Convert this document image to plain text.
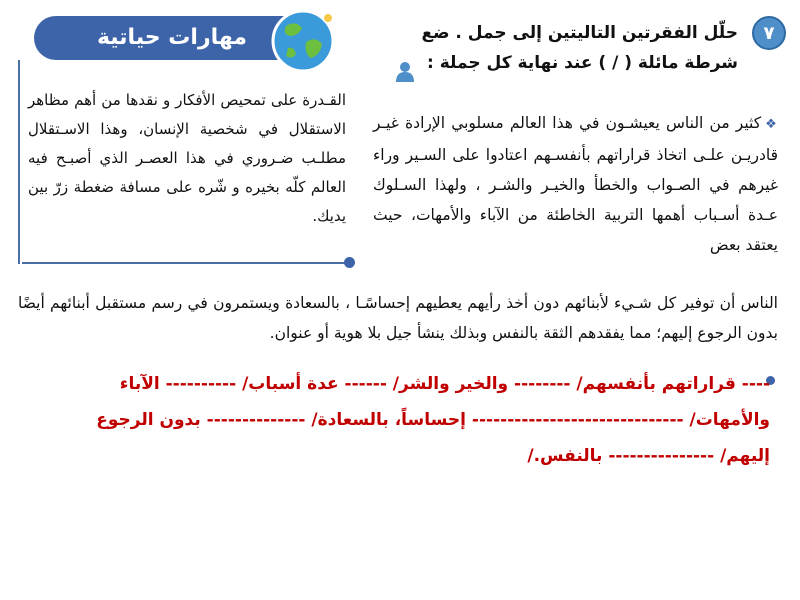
٧
حلّل الفقرتين التاليتين إلى جمل . ضع شرطة مائلة ( / ) عند نهاية كل جملة :
مهارات حياتية
القـدرة على تمحيص الأفكار و نقدها من أهم مظاهر الاستقلال في شخصية الإنسان، وهذا الاسـتقلال مطلـب ضـروري في هذا العصـر الذي أصبـح فيه العالم كلّه بخيره و شّره على مسافة ضغطة زرّ بين يديك.
❖كثير من الناس يعيشـون في هذا العالم مسلوبي الإرادة غيـر قادريـن علـى اتخاذ قراراتهم بأنفسـهم اعتادوا على السـير وراء غيرهم في الصـواب والخطأ والخيـر والشـر ، ولهذا السـلوك عـدة أسـباب أهمها التربية الخاطئة من الآباء والأمهات، حيث يعتقد بعض
الناس أن توفير كل شـيء لأبنائهم دون أخذ رأيهم يعطيهم إحساسًـا ، بالسعادة ويستمرون في رسم مستقبل أبنائهم أيضًا بدون الرجوع إليهم؛ مما يفقدهم الثقة بالنفس وبذلك ينشأ جيل بلا هوية أو عنوان.
---- قراراتهم بأنفسهم/ -------- والخير والشر/ ------ عدة أسباب/ ---------- الآباء والأمهات/ ------------------------------ إحساساً، بالسعادة/ -------------- بدون الرجوع إليهم/ --------------- بالنفس./
